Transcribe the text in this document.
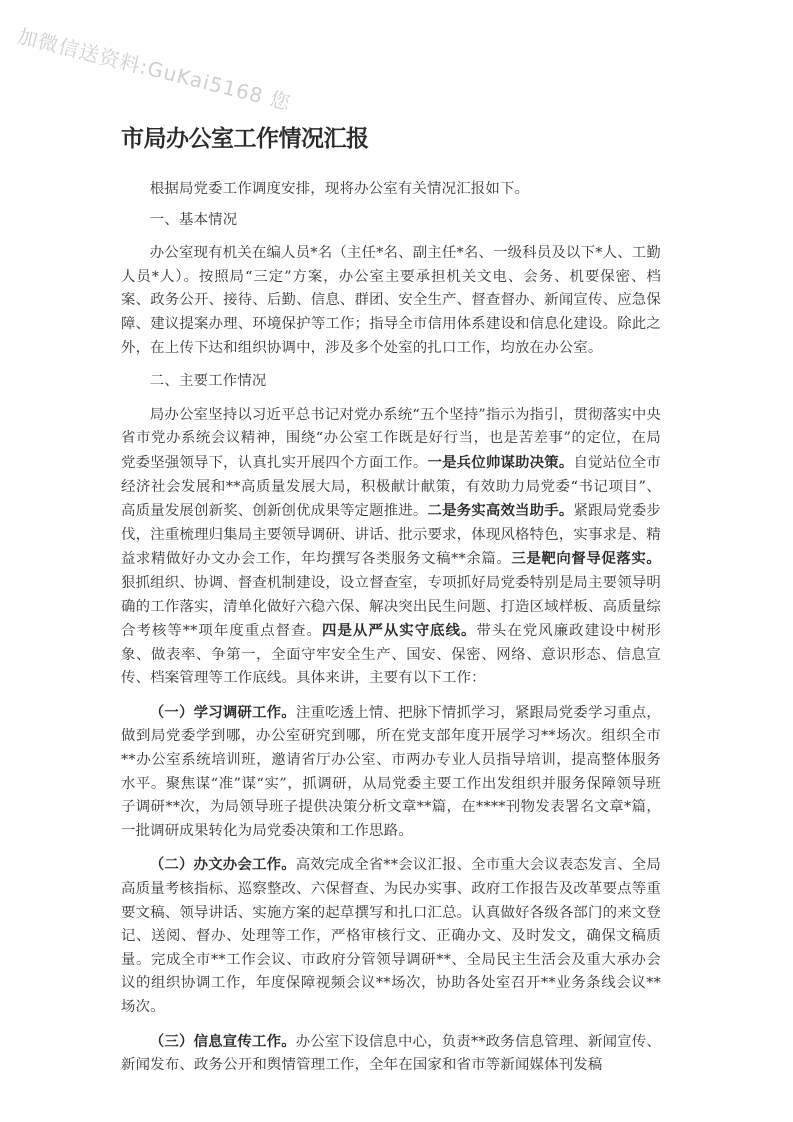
加微信送资料:GuKai5168 您
市局办公室工作情况汇报

根据局党委工作调度安排，现将办公室有关情况汇报如下。

一、基本情况

办公室现有机关在编人员*名（主任*名、副主任*名、一级科员及以下*人、工勤人员*人）。按照局“三定”方案，办公室主要承担机关文电、会务、机要保密、档案、政务公开、接待、后勤、信息、群团、安全生产、督查督办、新闻宣传、应急保障、建议提案办理、环境保护等工作；指导全市信用体系建设和信息化建设。除此之外，在上传下达和组织协调中，涉及多个处室的扎口工作，均放在办公室。

二、主要工作情况

局办公室坚持以习近平总书记对党办系统“五个坚持”指示为指引，贯彻落实中央省市党办系统会议精神，围绕“办公室工作既是好行当，也是苦差事”的定位，在局党委坚强领导下，认真扎实开展四个方面工作。一是兵位帅谋助决策。自觉站位全市经济社会发展和**高质量发展大局，积极献计献策，有效助力局党委“书记项目”、高质量发展创新奖、创新创优成果等定题推进。二是务实高效当助手。紧跟局党委步伐，注重梳理归集局主要领导调研、讲话、批示要求，体现风格特色，实事求是、精益求精做好办文办会工作，年均撰写各类服务文稿**余篇。三是靶向督导促落实。狠抓组织、协调、督查机制建设，设立督查室，专项抓好局党委特别是局主要领导明确的工作落实，清单化做好六稳六保、解决突出民生问题、打造区域样板、高质量综合考核等**项年度重点督查。四是从严从实守底线。带头在党风廉政建设中树形象、做表率、争第一，全面守牢安全生产、国安、保密、网络、意识形态、信息宣传、档案管理等工作底线。具体来讲，主要有以下工作：

（一）学习调研工作。注重吃透上情、把脉下情抓学习，紧跟局党委学习重点，做到局党委学到哪，办公室研究到哪，所在党支部年度开展学习**场次。组织全市**办公室系统培训班，邀请省厅办公室、市两办专业人员指导培训，提高整体服务水平。聚焦谋“准”谋“实”，抓调研，从局党委主要工作出发组织并服务保障领导班子调研**次，为局领导班子提供决策分析文章**篇，在****刊物发表署名文章*篇，一批调研成果转化为局党委决策和工作思路。

（二）办文办会工作。高效完成全省**会议汇报、全市重大会议表态发言、全局高质量考核指标、巡察整改、六保督查、为民办实事、政府工作报告及改革要点等重要文稿、领导讲话、实施方案的起草撰写和扎口汇总。认真做好各级各部门的来文登记、送阅、督办、处理等工作，严格审核行文、正确办文、及时发文，确保文稿质量。完成全市**工作会议、市政府分管领导调研**、全局民主生活会及重大承办会议的组织协调工作，年度保障视频会议**场次，协助各处室召开**业务条线会议**场次。

（三）信息宣传工作。办公室下设信息中心，负责**政务信息管理、新闻宣传、新闻发布、政务公开和舆情管理工作，全年在国家和省市等新闻媒体刊发稿
